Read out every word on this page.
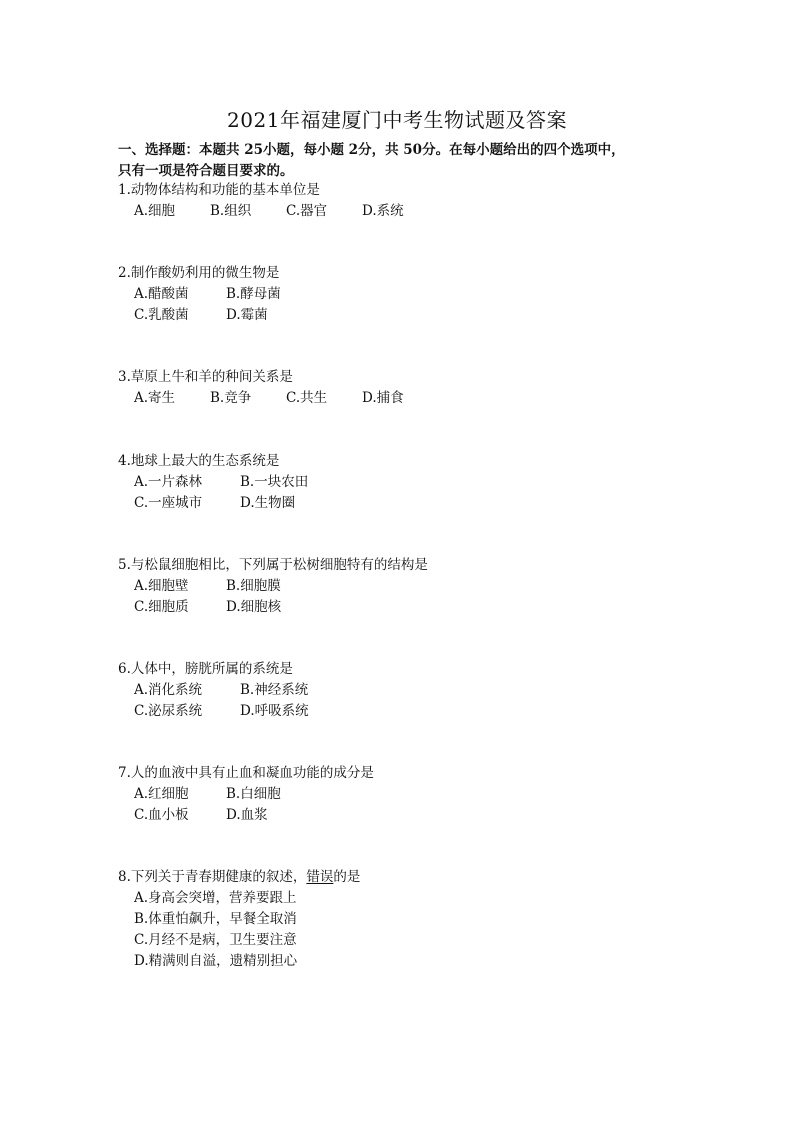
2021年福建厦门中考生物试题及答案
一、选择题：本题共 25小题，每小题 2分，共 50分。在每小题给出的四个选项中，
只有一项是符合题目要求的。
1.动物体结构和功能的基本单位是
A.细胞	B.组织	C.器官	D.系统
2.制作酸奶利用的微生物是
A.醋酸菌	B.酵母菌
C.乳酸菌	D.霉菌
3.草原上牛和羊的种间关系是
A.寄生	B.竞争	C.共生	D.捕食
4.地球上最大的生态系统是
A.一片森林	B.一块农田
C.一座城市	D.生物圈
5.与松鼠细胞相比，下列属于松树细胞特有的结构是
A.细胞壁	B.细胞膜
C.细胞质	D.细胞核
6.人体中，膀胱所属的系统是
A.消化系统	B.神经系统
C.泌尿系统	D.呼吸系统
7.人的血液中具有止血和凝血功能的成分是
A.红细胞	B.白细胞
C.血小板	D.血浆
8.下列关于青春期健康的叙述，错误的是
A.身高会突增，营养要跟上
B.体重怕飙升，早餐全取消
C.月经不是病，卫生要注意
D.精满则自溢，遗精别担心
